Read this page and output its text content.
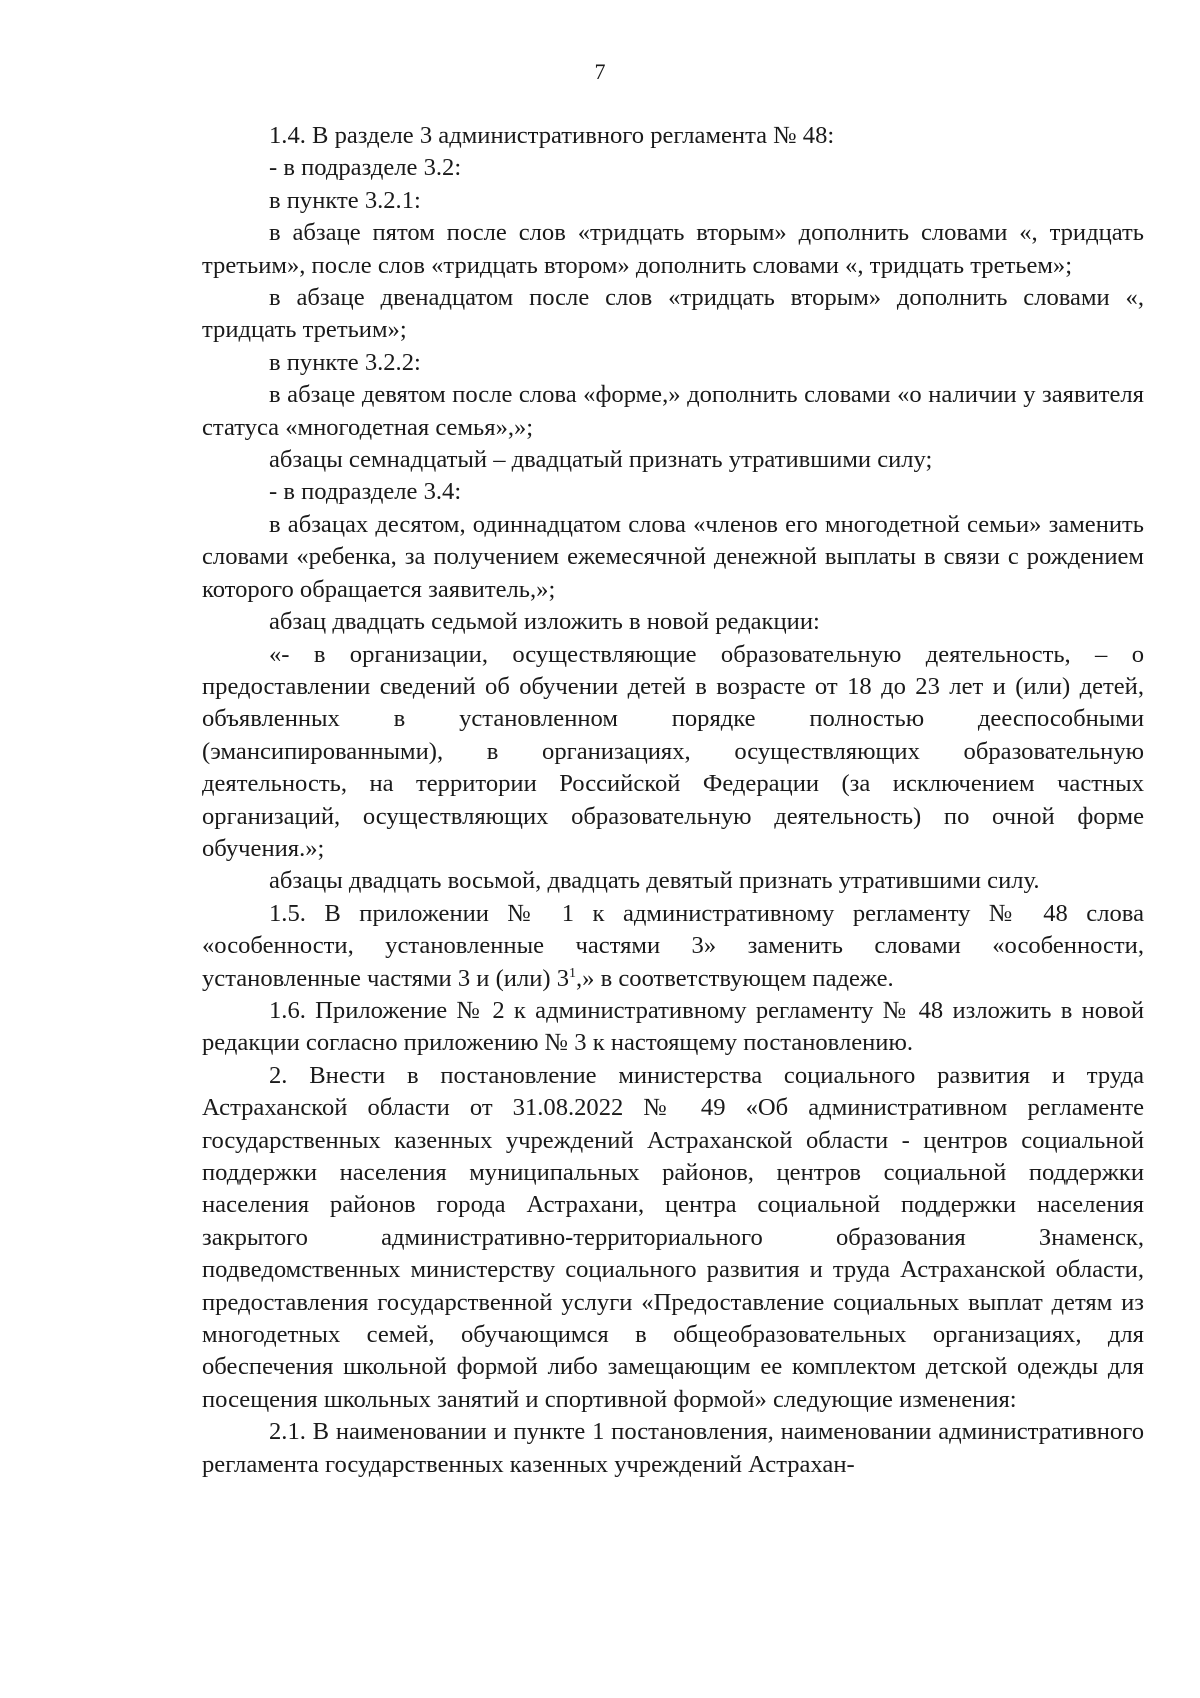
7

1.4. В разделе 3 административного регламента № 48:

- в подразделе 3.2:

в пункте 3.2.1:

в абзаце пятом после слов «тридцать вторым» дополнить словами «, тридцать третьим», после слов «тридцать втором» дополнить словами «, тридцать третьем»;

в абзаце двенадцатом после слов «тридцать вторым» дополнить словами «, тридцать третьим»;

в пункте 3.2.2:

в абзаце девятом после слова «форме,» дополнить словами «о наличии у заявителя статуса «многодетная семья»,»;

абзацы семнадцатый – двадцатый признать утратившими силу;

- в подразделе 3.4:

в абзацах десятом, одиннадцатом слова «членов его многодетной семьи» заменить словами «ребенка, за получением ежемесячной денежной выплаты в связи с рождением которого обращается заявитель,»;

абзац двадцать седьмой изложить в новой редакции:

«- в организации, осуществляющие образовательную деятельность, – о предоставлении сведений об обучении детей в возрасте от 18 до 23 лет и (или) детей, объявленных в установленном порядке полностью дееспособными (эмансипированными), в организациях, осуществляющих образовательную деятельность, на территории Российской Федерации (за исключением частных организаций, осуществляющих образовательную деятельность) по очной форме обучения.»;

абзацы двадцать восьмой, двадцать девятый признать утратившими силу.

1.5. В приложении № 1 к административному регламенту № 48 слова «особенности, установленные частями 3» заменить словами «особенности, установленные частями 3 и (или) $3^1$,» в соответствующем падеже.

1.6. Приложение № 2 к административному регламенту № 48 изложить в новой редакции согласно приложению № 3 к настоящему постановлению.

2. Внести в постановление министерства социального развития и труда Астраханской области от 31.08.2022 № 49 «Об административном регламенте государственных казенных учреждений Астраханской области - центров социальной поддержки населения муниципальных районов, центров социальной поддержки населения районов города Астрахани, центра социальной поддержки населения закрытого административно-территориального образования Знаменск, подведомственных министерству социального развития и труда Астраханской области, предоставления государственной услуги «Предоставление социальных выплат детям из многодетных семей, обучающимся в общеобразовательных организациях, для обеспечения школьной формой либо замещающим ее комплектом детской одежды для посещения школьных занятий и спортивной формой» следующие изменения:

2.1. В наименовании и пункте 1 постановления, наименовании административного регламента государственных казенных учреждений Астрахан-
